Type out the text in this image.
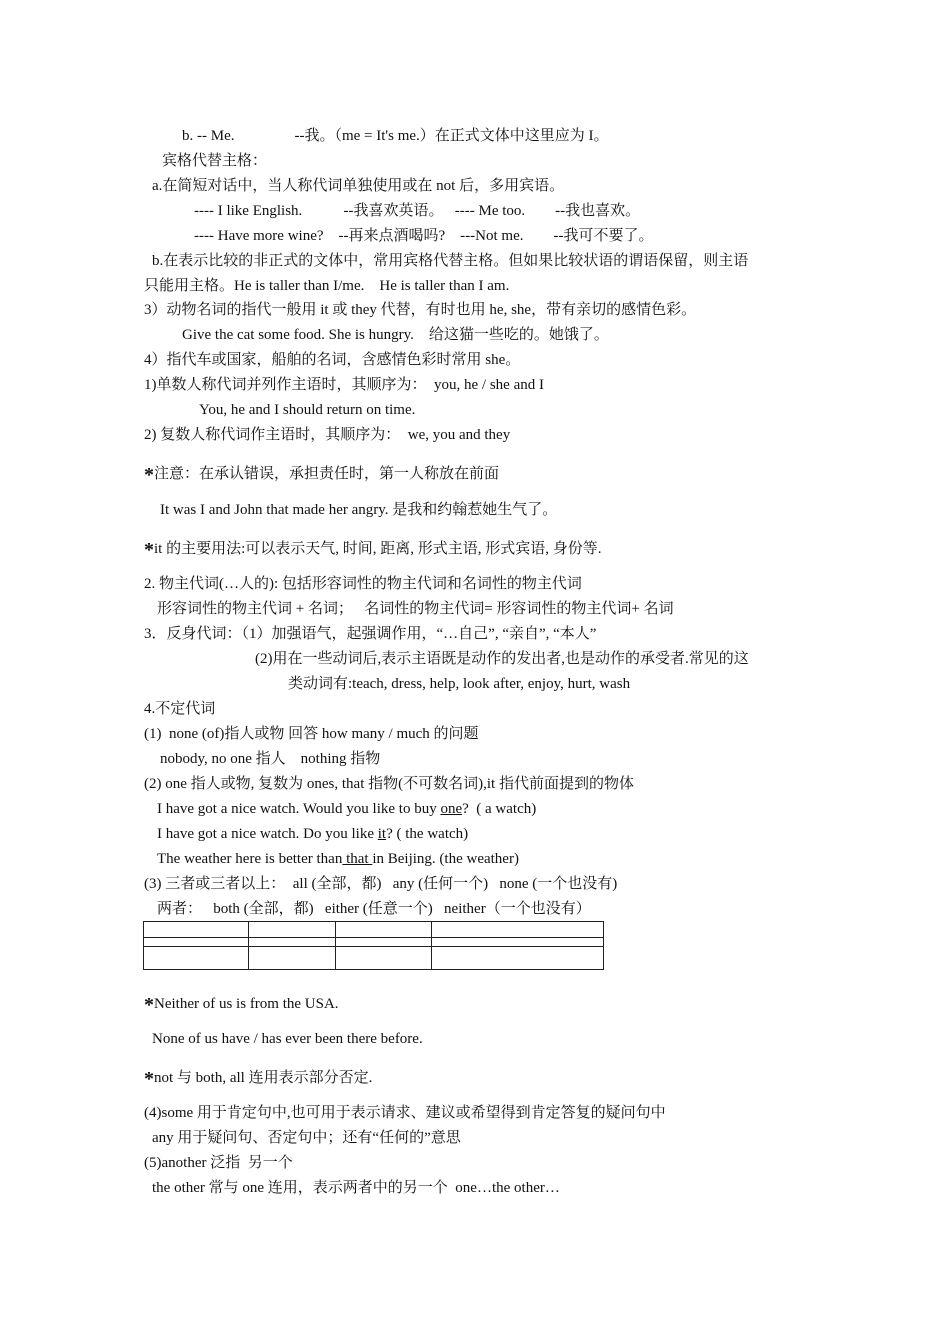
b. -- Me.                --我。（me = It's me.）在正式文体中这里应为 I。
宾格代替主格：
a.在简短对话中，当人称代词单独使用或在 not 后，多用宾语。
---- I like English.           --我喜欢英语。   ---- Me too.        --我也喜欢。
---- Have more wine?    --再来点酒喝吗?    ---Not me.        --我可不要了。
b.在表示比较的非正式的文体中，常用宾格代替主格。但如果比较状语的谓语保留，则主语
只能用主格。He is taller than I/me.    He is taller than I am.
3）动物名词的指代一般用 it 或 they 代替，有时也用 he, she，带有亲切的感情色彩。
Give the cat some food. She is hungry.    给这猫一些吃的。她饿了。
4）指代车或国家，船舶的名词，含感情色彩时常用 she。
1)单数人称代词并列作主语时，其顺序为：  you, he / she and I
You, he and I should return on time.
2) 复数人称代词作主语时，其顺序为：  we, you and they
*注意：在承认错误，承担责任时，第一人称放在前面
It was I and John that made her angry. 是我和约翰惹她生气了。
*it 的主要用法:可以表示天气, 时间, 距离, 形式主语, 形式宾语, 身份等.
2. 物主代词(…人的): 包括形容词性的物主代词和名词性的物主代词
形容词性的物主代词 + 名词；   名词性的物主代词= 形容词性的物主代词+ 名词
3．反身代词：（1）加强语气，起强调作用，“…自己”, “亲自”, “本人”
(2)用在一些动词后,表示主语既是动作的发出者,也是动作的承受者.常见的这
类动词有:teach, dress, help, look after, enjoy, hurt, wash
4.不定代词
(1)  none (of)指人或物 回答 how many / much 的问题
nobody, no one 指人    nothing 指物
(2) one 指人或物, 复数为 ones, that 指物(不可数名词),it 指代前面提到的物体
I have got a nice watch. Would you like to buy one?  ( a watch)
I have got a nice watch. Do you like it? ( the watch)
The weather here is better than that in Beijing. (the weather)
(3) 三者或三者以上：  all (全部，都)   any (任何一个)   none (一个也没有)
两者：   both (全部，都)   either (任意一个)   neither（一个也没有）

*Neither of us is from the USA.
None of us have / has ever been there before.
*not 与 both, all 连用表示部分否定.
(4)some 用于肯定句中,也可用于表示请求、建议或希望得到肯定答复的疑问句中
any 用于疑问句、否定句中；还有“任何的”意思
(5)another 泛指  另一个
the other 常与 one 连用，表示两者中的另一个  one…the other…
